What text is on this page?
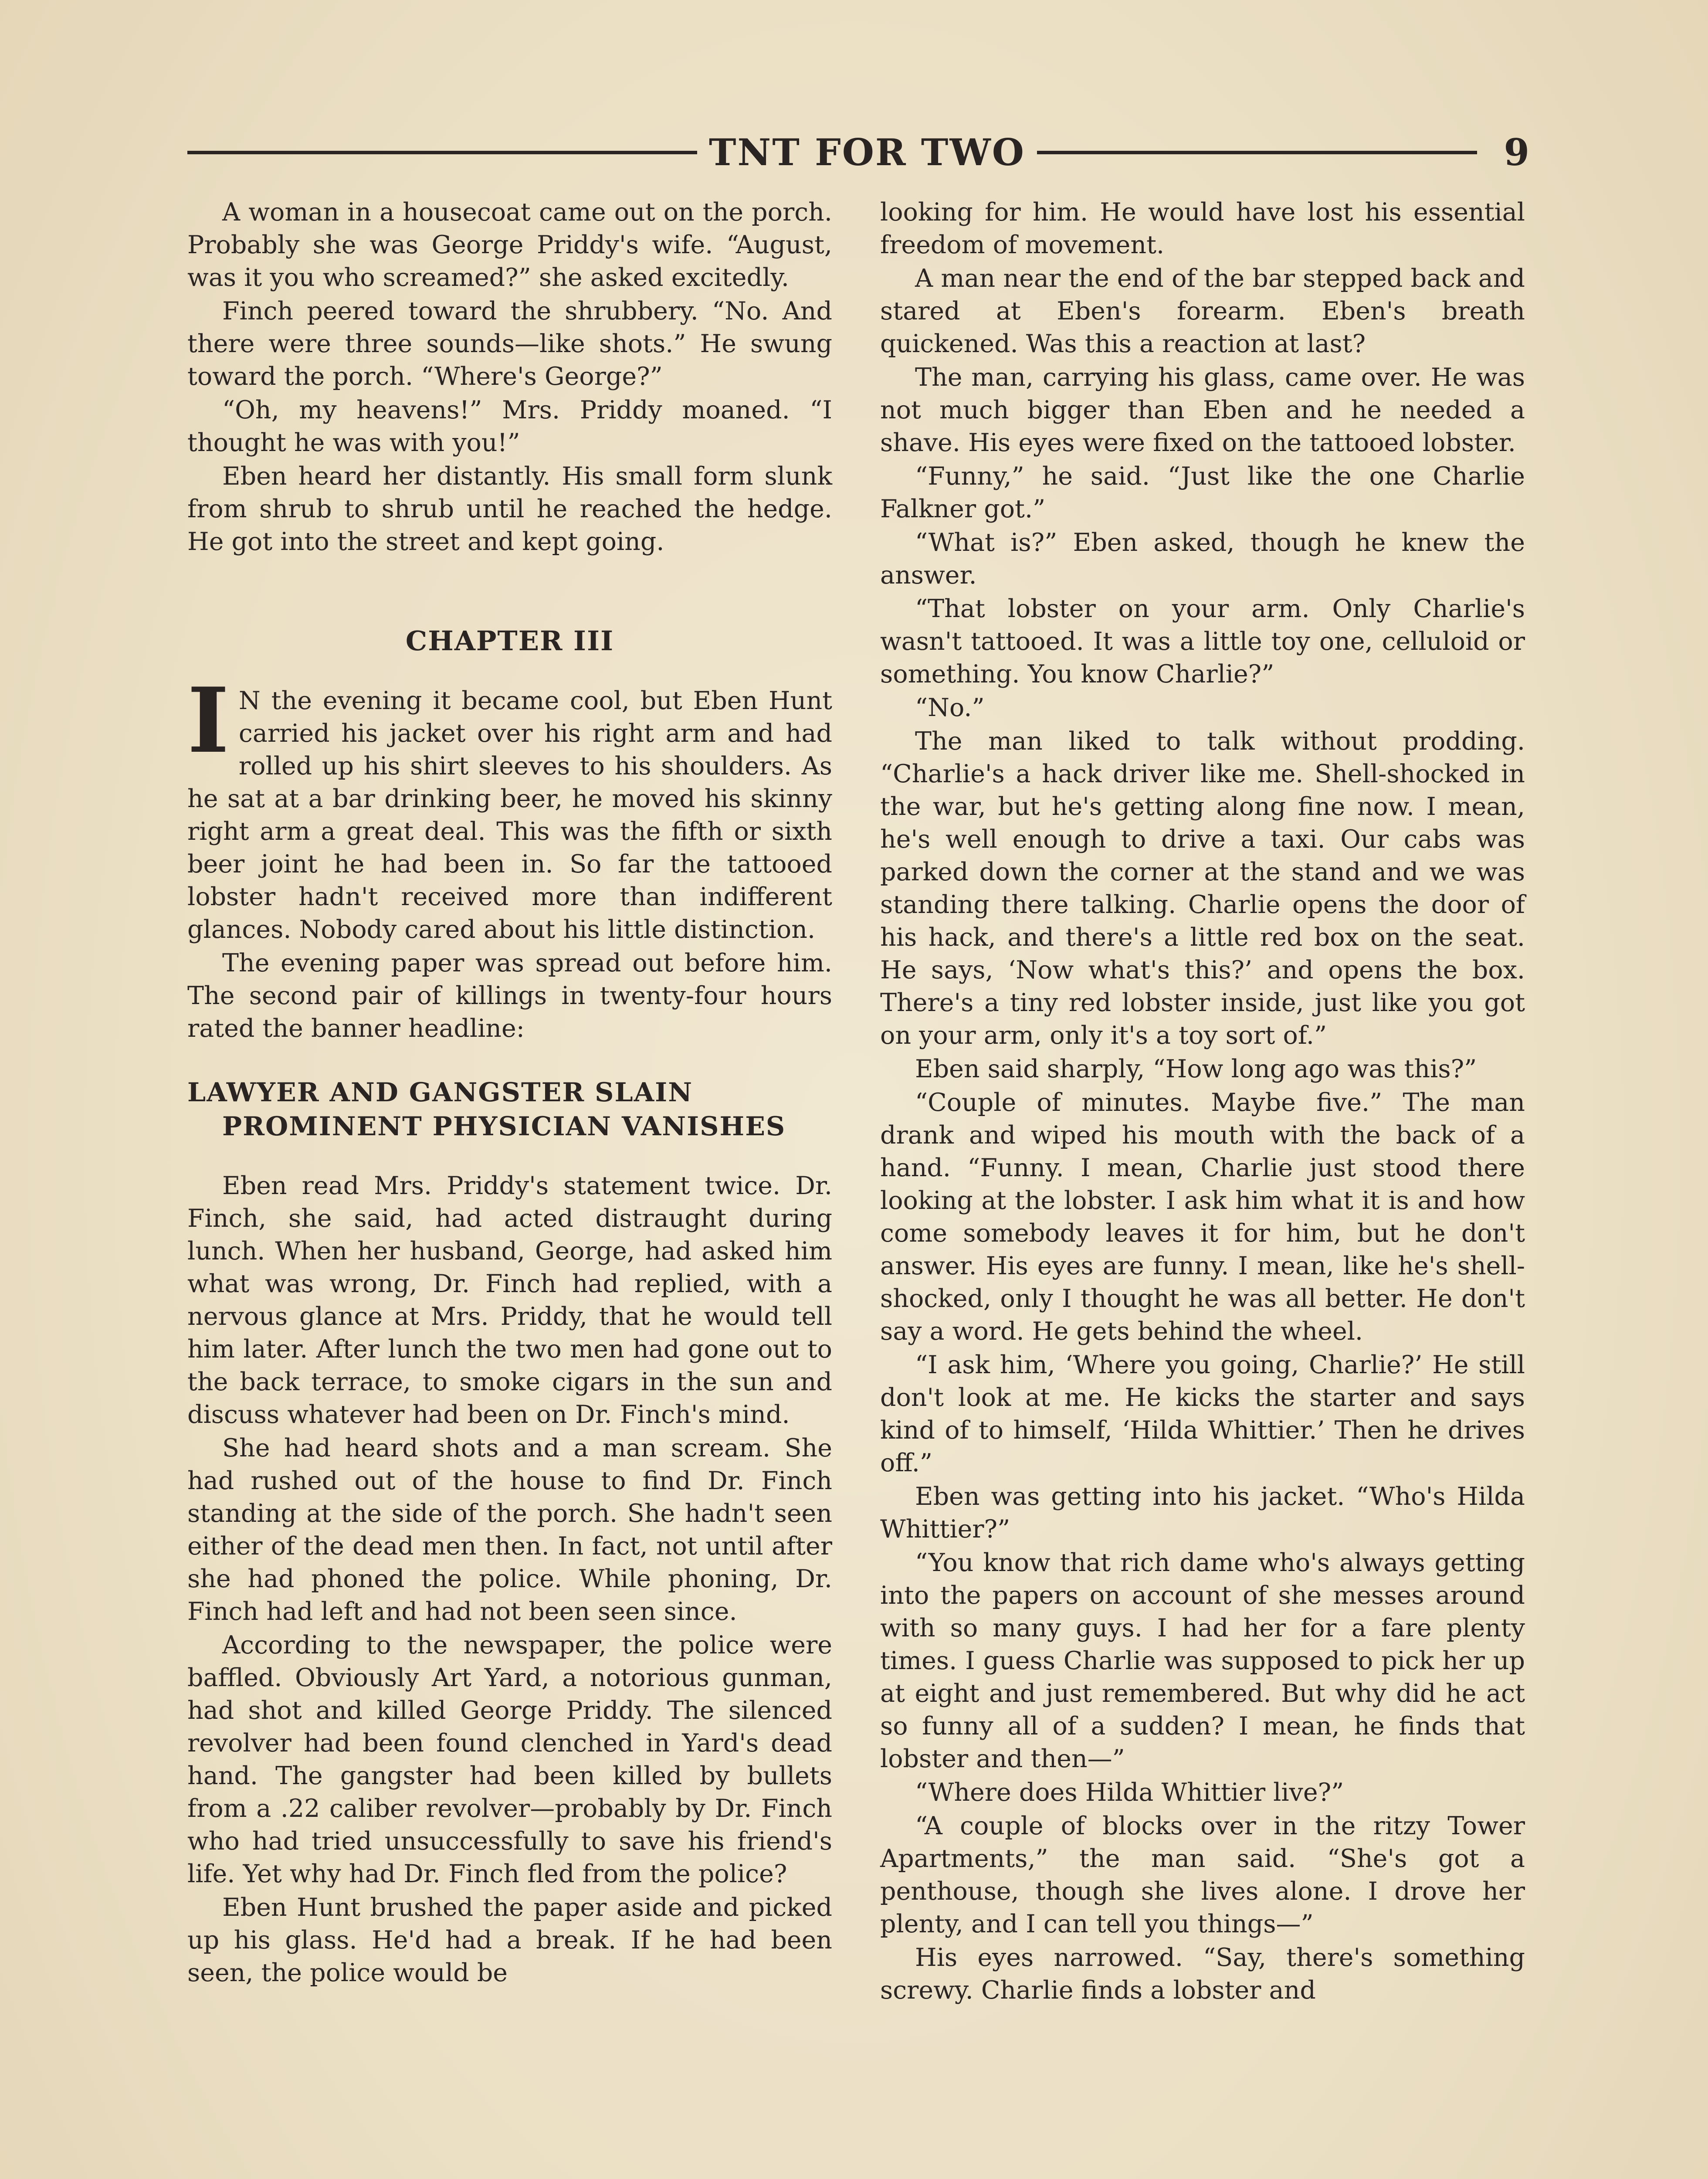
TNT FOR TWO	9

A woman in a housecoat came out on the porch. Probably she was George Priddy's wife. “August, was it you who screamed?” she asked excitedly.

Finch peered toward the shrubbery. “No. And there were three sounds—like shots.” He swung toward the porch. “Where's George?”

“Oh, my heavens!” Mrs. Priddy moaned. “I thought he was with you!”

Eben heard her distantly. His small form slunk from shrub to shrub until he reached the hedge. He got into the street and kept going.

CHAPTER III

I N the evening it became cool, but Eben Hunt carried his jacket over his right arm and had rolled up his shirt sleeves to his shoulders. As he sat at a bar drinking beer, he moved his skinny right arm a great deal. This was the fifth or sixth beer joint he had been in. So far the tattooed lobster hadn't received more than indifferent glances. Nobody cared about his little distinction.

The evening paper was spread out before him. The second pair of killings in twenty-four hours rated the banner headline:

LAWYER AND GANGSTER SLAIN
PROMINENT PHYSICIAN VANISHES

Eben read Mrs. Priddy's statement twice. Dr. Finch, she said, had acted distraught during lunch. When her husband, George, had asked him what was wrong, Dr. Finch had replied, with a nervous glance at Mrs. Priddy, that he would tell him later. After lunch the two men had gone out to the back terrace, to smoke cigars in the sun and discuss whatever had been on Dr. Finch's mind.

She had heard shots and a man scream. She had rushed out of the house to find Dr. Finch standing at the side of the porch. She hadn't seen either of the dead men then. In fact, not until after she had phoned the police. While phoning, Dr. Finch had left and had not been seen since.

According to the newspaper, the police were baffled. Obviously Art Yard, a notorious gunman, had shot and killed George Priddy. The silenced revolver had been found clenched in Yard's dead hand. The gangster had been killed by bullets from a .22 caliber revolver—probably by Dr. Finch who had tried unsuccessfully to save his friend's life. Yet why had Dr. Finch fled from the police?

Eben Hunt brushed the paper aside and picked up his glass. He'd had a break. If he had been seen, the police would be

looking for him. He would have lost his essential freedom of movement.

A man near the end of the bar stepped back and stared at Eben's forearm. Eben's breath quickened. Was this a reaction at last?

The man, carrying his glass, came over. He was not much bigger than Eben and he needed a shave. His eyes were fixed on the tattooed lobster.

“Funny,” he said. “Just like the one Charlie Falkner got.”

“What is?” Eben asked, though he knew the answer.

“That lobster on your arm. Only Charlie's wasn't tattooed. It was a little toy one, celluloid or something. You know Charlie?”

“No.”

The man liked to talk without prodding. “Charlie's a hack driver like me. Shell-shocked in the war, but he's getting along fine now. I mean, he's well enough to drive a taxi. Our cabs was parked down the corner at the stand and we was standing there talking. Charlie opens the door of his hack, and there's a little red box on the seat. He says, ‘Now what's this?’ and opens the box. There's a tiny red lobster inside, just like you got on your arm, only it's a toy sort of.”

Eben said sharply, “How long ago was this?”

“Couple of minutes. Maybe five.” The man drank and wiped his mouth with the back of a hand. “Funny. I mean, Charlie just stood there looking at the lobster. I ask him what it is and how come somebody leaves it for him, but he don't answer. His eyes are funny. I mean, like he's shell-shocked, only I thought he was all better. He don't say a word. He gets behind the wheel.

“I ask him, ‘Where you going, Charlie?’ He still don't look at me. He kicks the starter and says kind of to himself, ‘Hilda Whittier.’ Then he drives off.”

Eben was getting into his jacket. “Who's Hilda Whittier?”

“You know that rich dame who's always getting into the papers on account of she messes around with so many guys. I had her for a fare plenty times. I guess Charlie was supposed to pick her up at eight and just remembered. But why did he act so funny all of a sudden? I mean, he finds that lobster and then—”

“Where does Hilda Whittier live?”

“A couple of blocks over in the ritzy Tower Apartments,” the man said. “She's got a penthouse, though she lives alone. I drove her plenty, and I can tell you things—”

His eyes narrowed. “Say, there's something screwy. Charlie finds a lobster and
